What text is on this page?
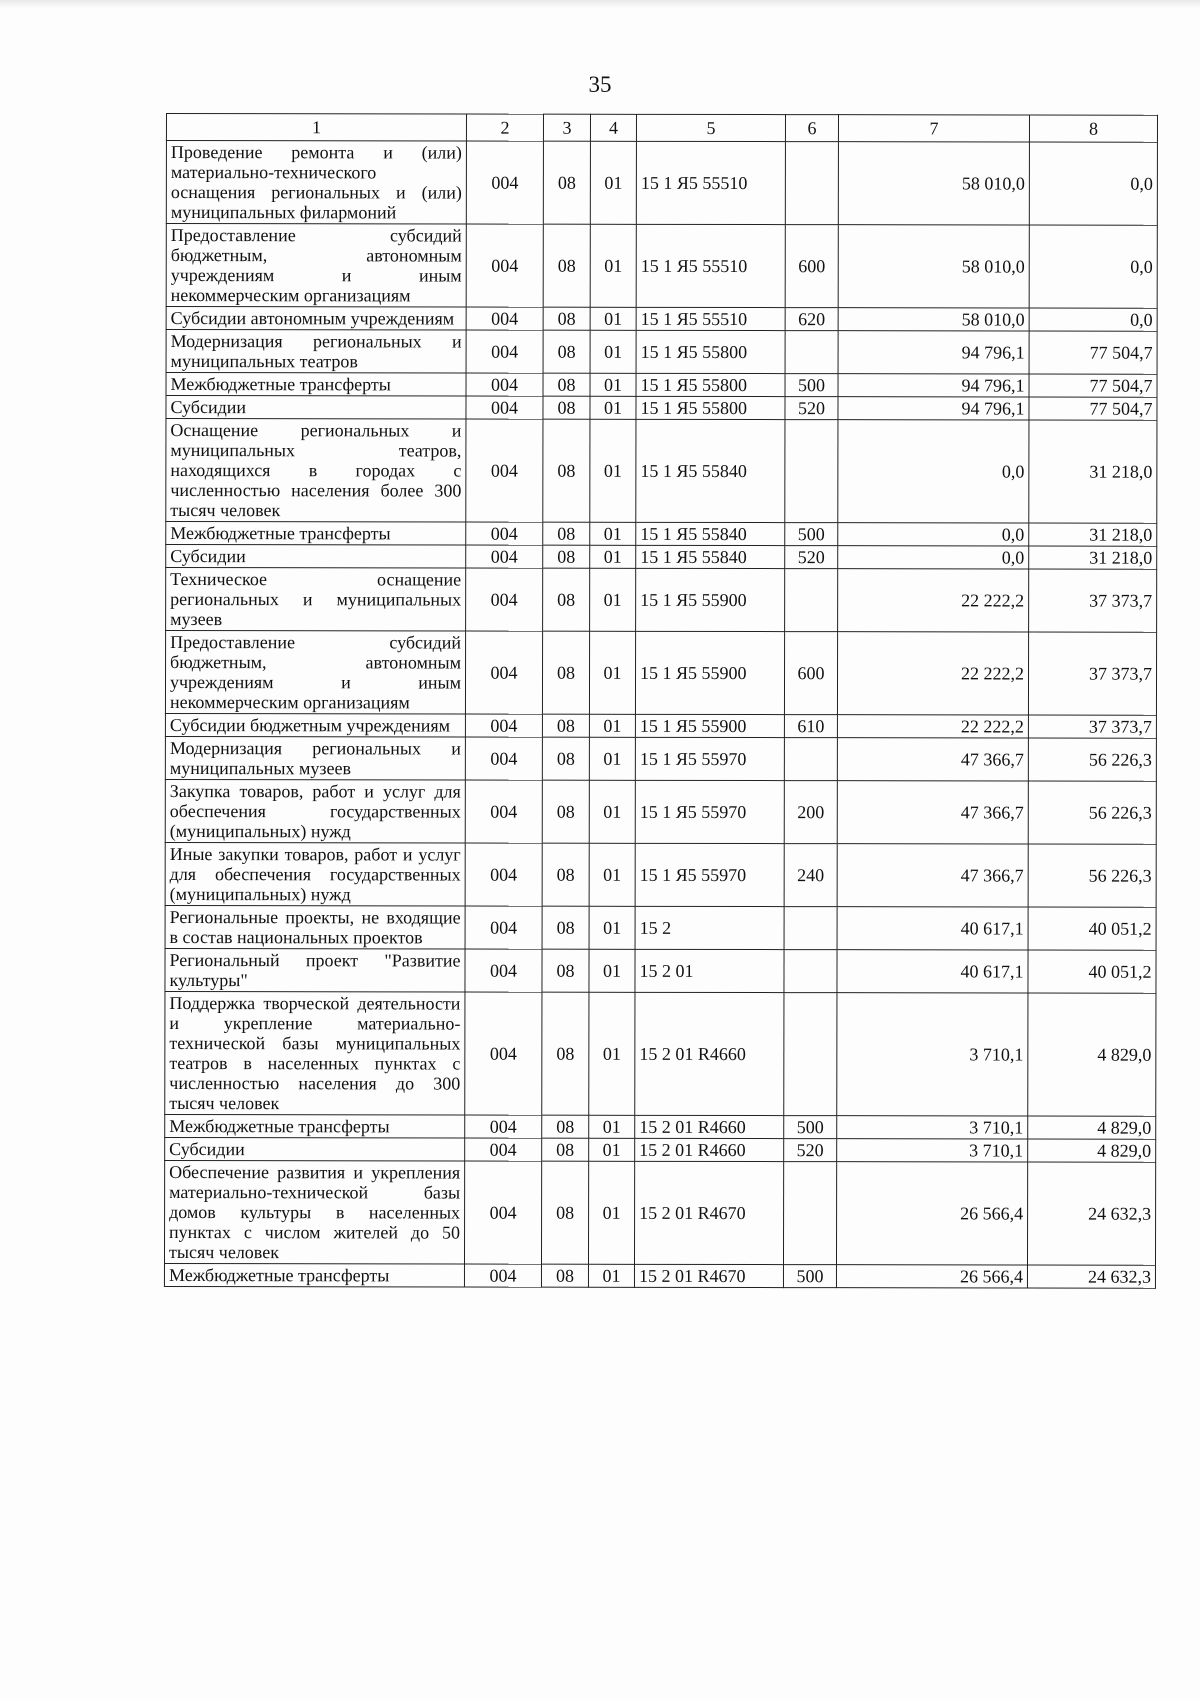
35
1	2	3	4	5	6	7	8
Проведение ремонта и (или) материально-технического оснащения региональных и (или) муниципальных филармоний	004	08	01	15 1 Я5 55510		58 010,0	0,0
Предоставление субсидий бюджетным, автономным учреждениям и иным некоммерческим организациям	004	08	01	15 1 Я5 55510	600	58 010,0	0,0
Субсидии автономным учреждениям	004	08	01	15 1 Я5 55510	620	58 010,0	0,0
Модернизация региональных и муниципальных театров	004	08	01	15 1 Я5 55800		94 796,1	77 504,7
Межбюджетные трансферты	004	08	01	15 1 Я5 55800	500	94 796,1	77 504,7
Субсидии	004	08	01	15 1 Я5 55800	520	94 796,1	77 504,7
Оснащение региональных и муниципальных театров, находящихся в городах с численностью населения более 300 тысяч человек	004	08	01	15 1 Я5 55840		0,0	31 218,0
Межбюджетные трансферты	004	08	01	15 1 Я5 55840	500	0,0	31 218,0
Субсидии	004	08	01	15 1 Я5 55840	520	0,0	31 218,0
Техническое оснащение региональных и муниципальных музеев	004	08	01	15 1 Я5 55900		22 222,2	37 373,7
Предоставление субсидий бюджетным, автономным учреждениям и иным некоммерческим организациям	004	08	01	15 1 Я5 55900	600	22 222,2	37 373,7
Субсидии бюджетным учреждениям	004	08	01	15 1 Я5 55900	610	22 222,2	37 373,7
Модернизация региональных и муниципальных музеев	004	08	01	15 1 Я5 55970		47 366,7	56 226,3
Закупка товаров, работ и услуг для обеспечения государственных (муниципальных) нужд	004	08	01	15 1 Я5 55970	200	47 366,7	56 226,3
Иные закупки товаров, работ и услуг для обеспечения государственных (муниципальных) нужд	004	08	01	15 1 Я5 55970	240	47 366,7	56 226,3
Региональные проекты, не входящие в состав национальных проектов	004	08	01	15 2		40 617,1	40 051,2
Региональный проект "Развитие культуры"	004	08	01	15 2 01		40 617,1	40 051,2
Поддержка творческой деятельности и укрепление материально-технической базы муниципальных театров в населенных пунктах с численностью населения до 300 тысяч человек	004	08	01	15 2 01 R4660		3 710,1	4 829,0
Межбюджетные трансферты	004	08	01	15 2 01 R4660	500	3 710,1	4 829,0
Субсидии	004	08	01	15 2 01 R4660	520	3 710,1	4 829,0
Обеспечение развития и укрепления материально-технической базы домов культуры в населенных пунктах с числом жителей до 50 тысяч человек	004	08	01	15 2 01 R4670		26 566,4	24 632,3
Межбюджетные трансферты	004	08	01	15 2 01 R4670	500	26 566,4	24 632,3
